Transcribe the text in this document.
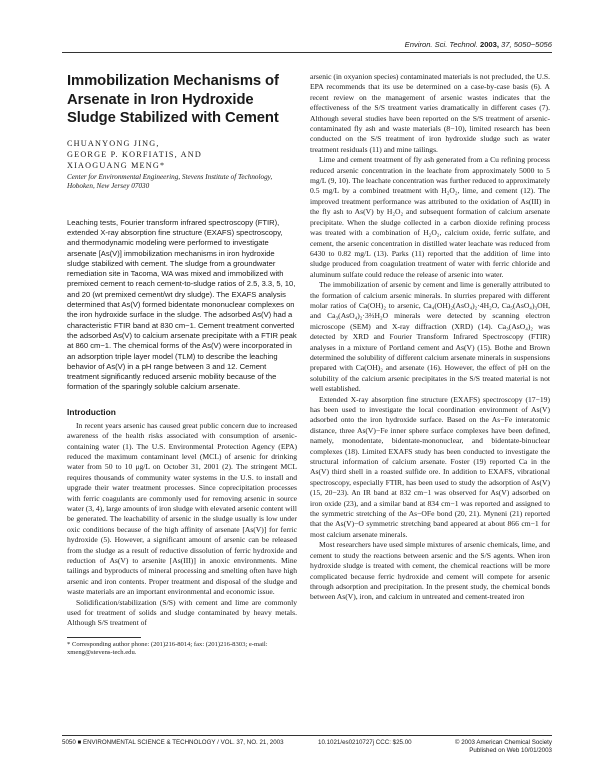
Environ. Sci. Technol. 2003, 37, 5050−5056
Immobilization Mechanisms of Arsenate in Iron Hydroxide Sludge Stabilized with Cement

CHUANYONG JING,

GEORGE P. KORFIATIS, AND

XIAOGUANG MENG*

Center for Environmental Engineering, Stevens Institute of Technology, Hoboken, New Jersey 07030

Leaching tests, Fourier transform infrared spectroscopy (FTIR), extended X-ray absorption fine structure (EXAFS) spectroscopy, and thermodynamic modeling were performed to investigate arsenate [As(V)] immobilization mechanisms in iron hydroxide sludge stabilized with cement. The sludge from a groundwater remediation site in Tacoma, WA was mixed and immobilized with premixed cement to reach cement-to-sludge ratios of 2.5, 3.3, 5, 10, and 20 (wt premixed cement/wt dry sludge). The EXAFS analysis determined that As(V) formed bidentate mononuclear complexes on the iron hydroxide surface in the sludge. The adsorbed As(V) had a characteristic FTIR band at 830 cm−1. Cement treatment converted the adsorbed As(V) to calcium arsenate precipitate with a FTIR peak at 860 cm−1. The chemical forms of the As(V) were incorporated in an adsorption triple layer model (TLM) to describe the leaching behavior of As(V) in a pH range between 3 and 12. Cement treatment significantly reduced arsenic mobility because of the formation of the sparingly soluble calcium arsenate.

Introduction

In recent years arsenic has caused great public concern due to increased awareness of the health risks associated with consumption of arsenic-containing water (1). The U.S. Environmental Protection Agency (EPA) reduced the maximum contaminant level (MCL) of arsenic for drinking water from 50 to 10 μg/L on October 31, 2001 (2). The stringent MCL requires thousands of community water systems in the U.S. to install and upgrade their water treatment processes. Since coprecipitation processes with ferric coagulants are commonly used for removing arsenic in source water (3, 4), large amounts of iron sludge with elevated arsenic content will be generated. The leachability of arsenic in the sludge usually is low under oxic conditions because of the high affinity of arsenate [As(V)] for ferric hydroxide (5). However, a significant amount of arsenic can be released from the sludge as a result of reductive dissolution of ferric hydroxide and reduction of As(V) to arsenite [As(III)] in anoxic environments. Mine tailings and byproducts of mineral processing and smelting often have high arsenic and iron contents. Proper treatment and disposal of the sludge and waste materials are an important environmental and economic issue.

Solidification/stabilization (S/S) with cement and lime are commonly used for treatment of solids and sludge contaminated by heavy metals. Although S/S treatment of

* Corresponding author phone: (201)216-8014; fax: (201)216-8303; e-mail: xmeng@stevens-tech.edu.

arsenic (in oxyanion species) contaminated materials is not precluded, the U.S. EPA recommends that its use be determined on a case-by-case basis (6). A recent review on the management of arsenic wastes indicates that the effectiveness of the S/S treatment varies dramatically in different cases (7). Although several studies have been reported on the S/S treatment of arsenic-contaminated fly ash and waste materials (8−10), limited research has been conducted on the S/S treatment of iron hydroxide sludge such as water treatment residuals (11) and mine tailings.

Lime and cement treatment of fly ash generated from a Cu refining process reduced arsenic concentration in the leachate from approximately 5000 to 5 mg/L (9, 10). The leachate concentration was further reduced to approximately 0.5 mg/L by a combined treatment with H₂O₂, lime, and cement (12). The improved treatment performance was attributed to the oxidation of As(III) in the fly ash to As(V) by H₂O₂ and subsequent formation of calcium arsenate precipitate. When the sludge collected in a carbon dioxide refining process was treated with a combination of H₂O₂, calcium oxide, ferric sulfate, and cement, the arsenic concentration in distilled water leachate was reduced from 6430 to 0.82 mg/L (13). Parks (11) reported that the addition of lime into sludge produced from coagulation treatment of water with ferric chloride and aluminum sulfate could reduce the release of arsenic into water.

The immobilization of arsenic by cement and lime is generally attributed to the formation of calcium arsenic minerals. In slurries prepared with different molar ratios of Ca(OH)₂ to arsenic, Ca₄(OH)₂(AsO₄)₂·4H₂O, Ca₅(AsO₄)₃OH, and Ca₃(AsO₄)₂·3⅔H₂O minerals were detected by scanning electron microscope (SEM) and X-ray diffraction (XRD) (14). Ca₃(AsO₄)₂ was detected by XRD and Fourier Transform Infrared Spectroscopy (FTIR) analyses in a mixture of Portland cement and As(V) (15). Bothe and Brown determined the solubility of different calcium arsenate minerals in suspensions prepared with Ca(OH)₂ and arsenate (16). However, the effect of pH on the solubility of the calcium arsenic precipitates in the S/S treated material is not well established.

Extended X-ray absorption fine structure (EXAFS) spectroscopy (17−19) has been used to investigate the local coordination environment of As(V) adsorbed onto the iron hydroxide surface. Based on the As−Fe interatomic distance, three As(V)−Fe inner sphere surface complexes have been defined, namely, monodentate, bidentate-mononuclear, and bidentate-binuclear complexes (18). Limited EXAFS study has been conducted to investigate the structural information of calcium arsenate. Foster (19) reported Ca in the As(V) third shell in a roasted sulfide ore. In addition to EXAFS, vibrational spectroscopy, especially FTIR, has been used to study the adsorption of As(V) (15, 20−23). An IR band at 832 cm−1 was observed for As(V) adsorbed on iron oxide (23), and a similar band at 834 cm−1 was reported and assigned to the symmetric stretching of the As−OFe bond (20, 21). Myneni (21) reported that the As(V)−O symmetric stretching band appeared at about 866 cm−1 for most calcium arsenate minerals.

Most researchers have used simple mixtures of arsenic chemicals, lime, and cement to study the reactions between arsenic and the S/S agents. When iron hydroxide sludge is treated with cement, the chemical reactions will be more complicated because ferric hydroxide and cement will compete for arsenic through adsorption and precipitation. In the present study, the chemical bonds between As(V), iron, and calcium in untreated and cement-treated iron

5050 ■ ENVIRONMENTAL SCIENCE & TECHNOLOGY / VOL. 37, NO. 21, 2003	10.1021/es0210727j CCC: $25.00	© 2003 American Chemical Society
Published on Web 10/01/2003
